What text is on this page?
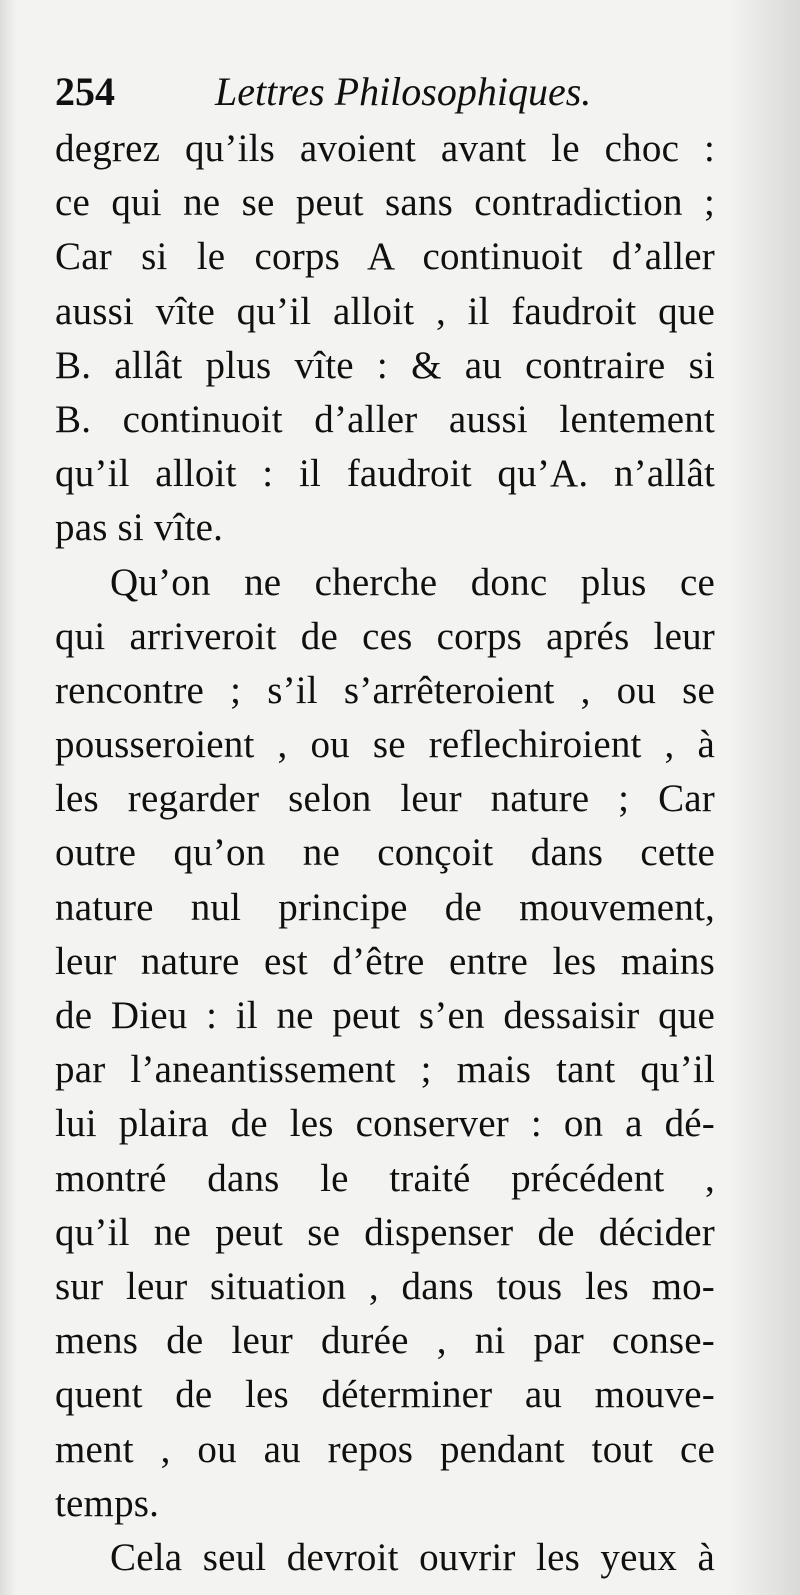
254	Lettres Philosophiques.
degrez qu’ils avoient avant le choc :
ce qui ne se peut sans contradiction ;
Car si le corps A continuoit d’aller
aussi vîte qu’il alloit , il faudroit que
B. allât plus vîte : & au contraire si
B. continuoit d’aller aussi lentement
qu’il alloit : il faudroit qu’A. n’allât
pas si vîte.
Qu’on ne cherche donc plus ce
qui arriveroit de ces corps aprés leur
rencontre ; s’il s’arrêteroient , ou se
pousseroient , ou se reflechiroient , à
les regarder selon leur nature ; Car
outre qu’on ne conçoit dans cette
nature nul principe de mouvement,
leur nature est d’être entre les mains
de Dieu : il ne peut s’en dessaisir que
par l’aneantissement ; mais tant qu’il
lui plaira de les conserver : on a dé-
montré dans le traité précédent ,
qu’il ne peut se dispenser de décider
sur leur situation , dans tous les mo-
mens de leur durée , ni par conse-
quent de les déterminer au mouve-
ment , ou au repos pendant tout ce
temps.
Cela seul devroit ouvrir les yeux à
